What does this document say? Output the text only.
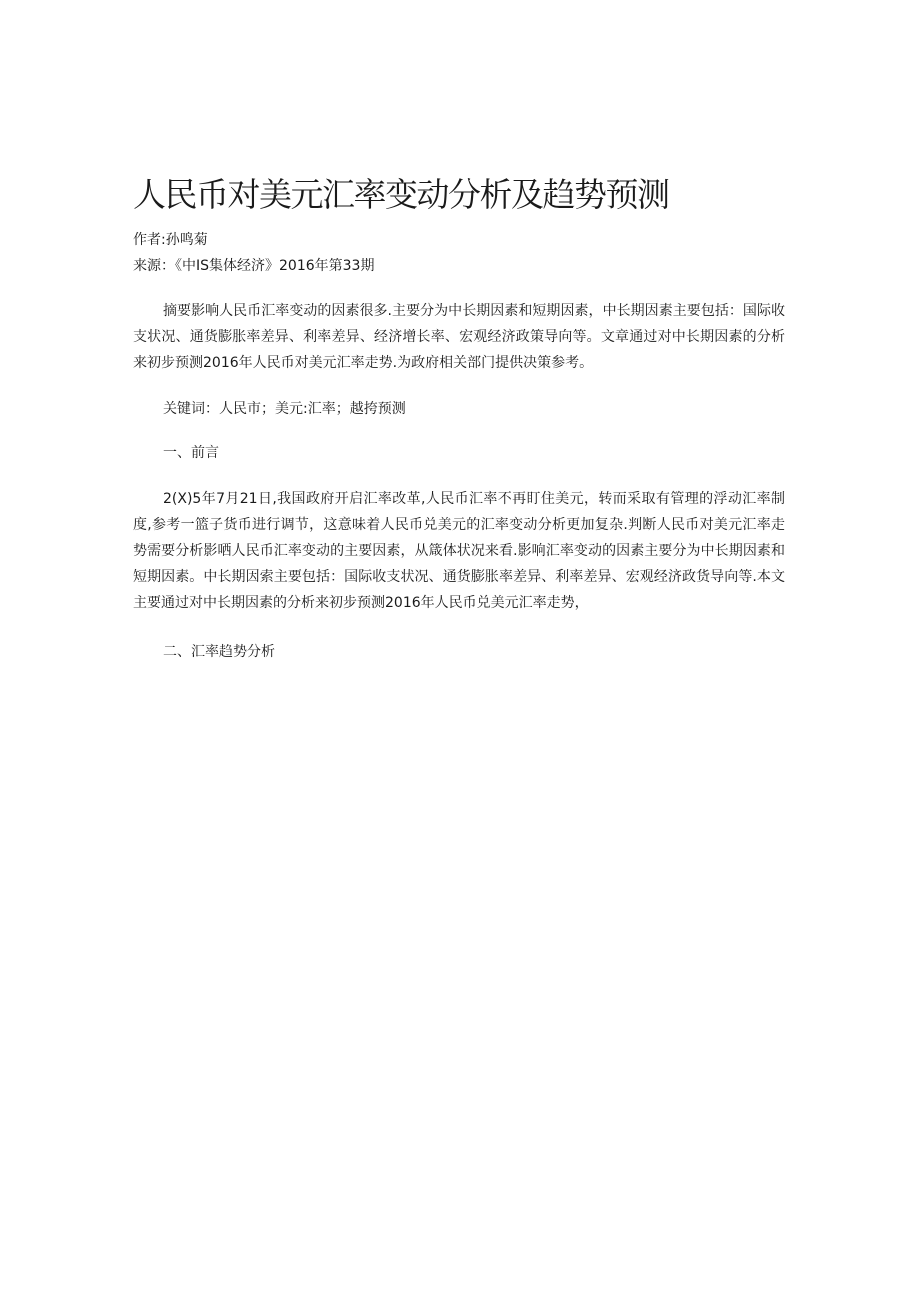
人民币对美元汇率变动分析及趋势预测
作者:孙鸣菊
来源：《中IS集体经济》2016年第33期

摘要影响人民币汇率变动的因素很多.主要分为中长期因素和短期因素，中长期因素主要包括：国际收支状况、通货膨胀率差异、利率差异、经济增长率、宏观经济政策导向等。文章通过对中长期因素的分析来初步预测2016年人民币对美元汇率走势.为政府相关部门提供决策参考。

关键词：人民市；美元:汇率；越挎预测

一、前言

2(X)5年7月21日,我国政府开启汇率改革,人民币汇率不再盯住美元，转而采取有管理的浮动汇率制度,参考一篮子货币进行调节，这意味着人民币兑美元的汇率变动分析更加复杂.判断人民币对美元汇率走势需要分析影哂人民币汇率变动的主要因素，从箴体状况来看.影响汇率变动的因素主要分为中长期因素和短期因素。中长期因索主要包括：国际收支状况、通货膨胀率差异、利率差异、宏观经济政货导向等.本文主要通过对中长期因素的分析来初步预测2016年人民币兑美元汇率走势，

二、汇率趋势分析
